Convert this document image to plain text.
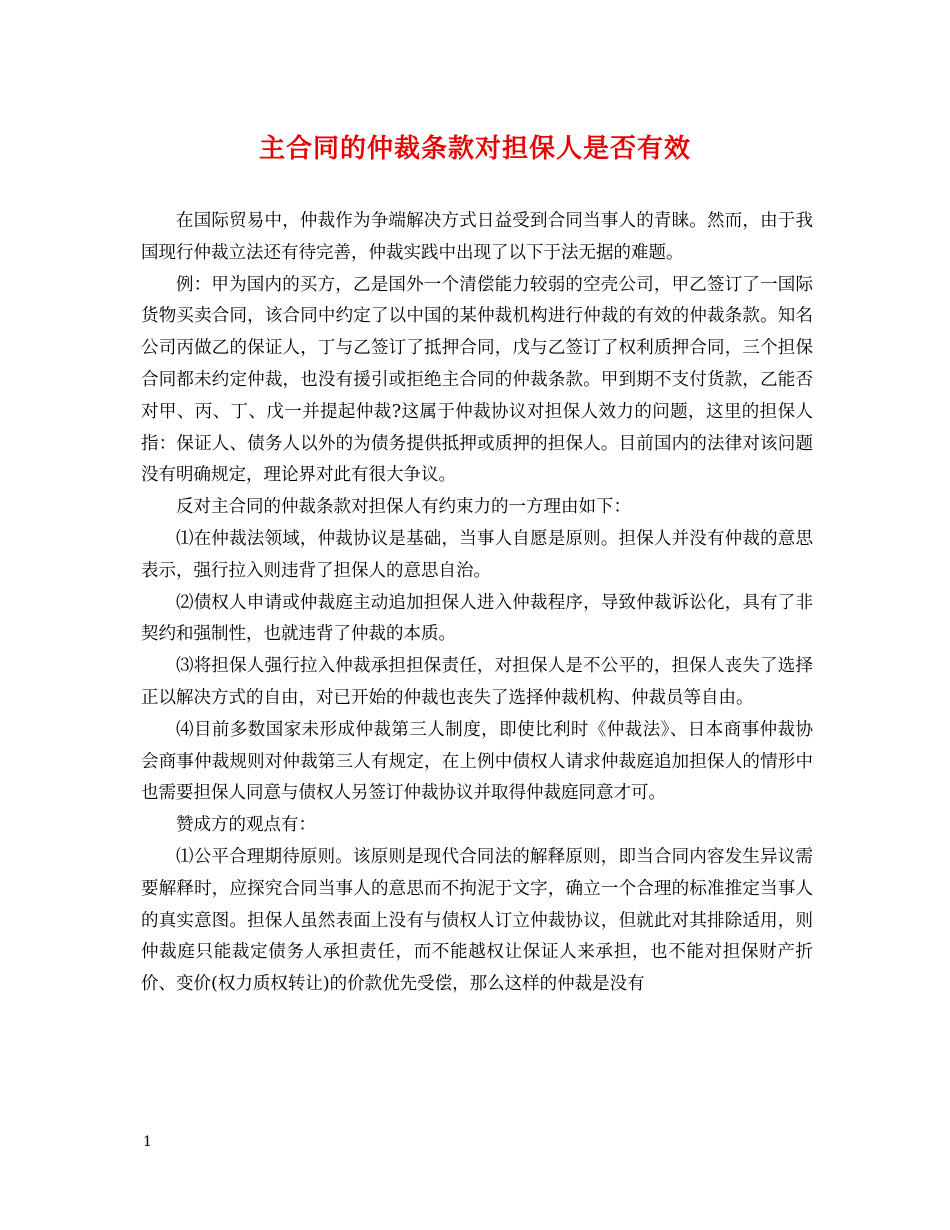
主合同的仲裁条款对担保人是否有效

在国际贸易中，仲裁作为争端解决方式日益受到合同当事人的青睐。然而，由于我国现行仲裁立法还有待完善，仲裁实践中出现了以下于法无据的难题。

例：甲为国内的买方，乙是国外一个清偿能力较弱的空壳公司，甲乙签订了一国际货物买卖合同，该合同中约定了以中国的某仲裁机构进行仲裁的有效的仲裁条款。知名公司丙做乙的保证人，丁与乙签订了抵押合同，戊与乙签订了权利质押合同，三个担保合同都未约定仲裁，也没有援引或拒绝主合同的仲裁条款。甲到期不支付货款，乙能否对甲、丙、丁、戊一并提起仲裁?这属于仲裁协议对担保人效力的问题，这里的担保人指：保证人、债务人以外的为债务提供抵押或质押的担保人。目前国内的法律对该问题没有明确规定，理论界对此有很大争议。

反对主合同的仲裁条款对担保人有约束力的一方理由如下：

⑴在仲裁法领域，仲裁协议是基础，当事人自愿是原则。担保人并没有仲裁的意思表示，强行拉入则违背了担保人的意思自治。

⑵债权人申请或仲裁庭主动追加担保人进入仲裁程序，导致仲裁诉讼化，具有了非契约和强制性，也就违背了仲裁的本质。

⑶将担保人强行拉入仲裁承担担保责任，对担保人是不公平的，担保人丧失了选择正以解决方式的自由，对已开始的仲裁也丧失了选择仲裁机构、仲裁员等自由。

⑷目前多数国家未形成仲裁第三人制度，即使比利时《仲裁法》、日本商事仲裁协会商事仲裁规则对仲裁第三人有规定，在上例中债权人请求仲裁庭追加担保人的情形中也需要担保人同意与债权人另签订仲裁协议并取得仲裁庭同意才可。

赞成方的观点有：

⑴公平合理期待原则。该原则是现代合同法的解释原则，即当合同内容发生异议需要解释时，应探究合同当事人的意思而不拘泥于文字，确立一个合理的标准推定当事人的真实意图。担保人虽然表面上没有与债权人订立仲裁协议，但就此对其排除适用，则仲裁庭只能裁定债务人承担责任，而不能越权让保证人来承担，也不能对担保财产折价、变价(权力质权转让)的价款优先受偿，那么这样的仲裁是没有

1
